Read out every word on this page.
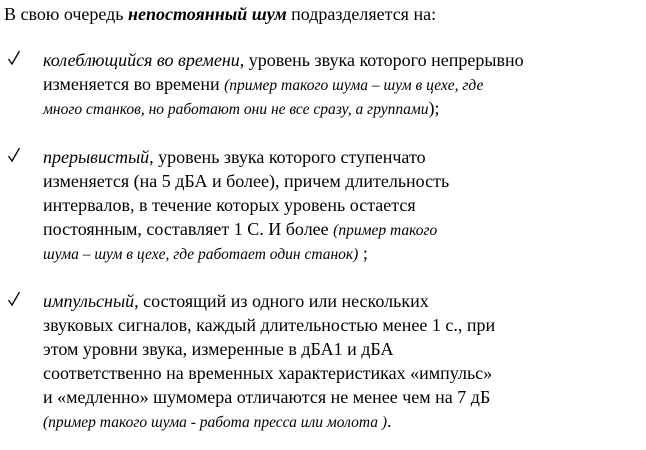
В свою очередь непостоянный шум подразделяется на:
колеблющийся во времени, уровень звука которого непрерывно
изменяется во времени (пример такого шума – шум в цехе, где
много станков, но работают они не все сразу, а группами);
прерывистый, уровень звука которого ступенчато
изменяется (на 5 дБА и более), причем длительность
интервалов, в течение которых уровень остается
постоянным, составляет 1 С. И более (пример такого
шума – шум в цехе, где работает один станок) ;
импульсный, состоящий из одного или нескольких
звуковых сигналов, каждый длительностью менее 1 с., при
этом уровни звука, измеренные в дБА1 и дБА
соответственно на временных характеристиках «импульс»
и «медленно» шумомера отличаются не менее чем на 7 дБ
(пример такого шума - работа пресса или молота ).
